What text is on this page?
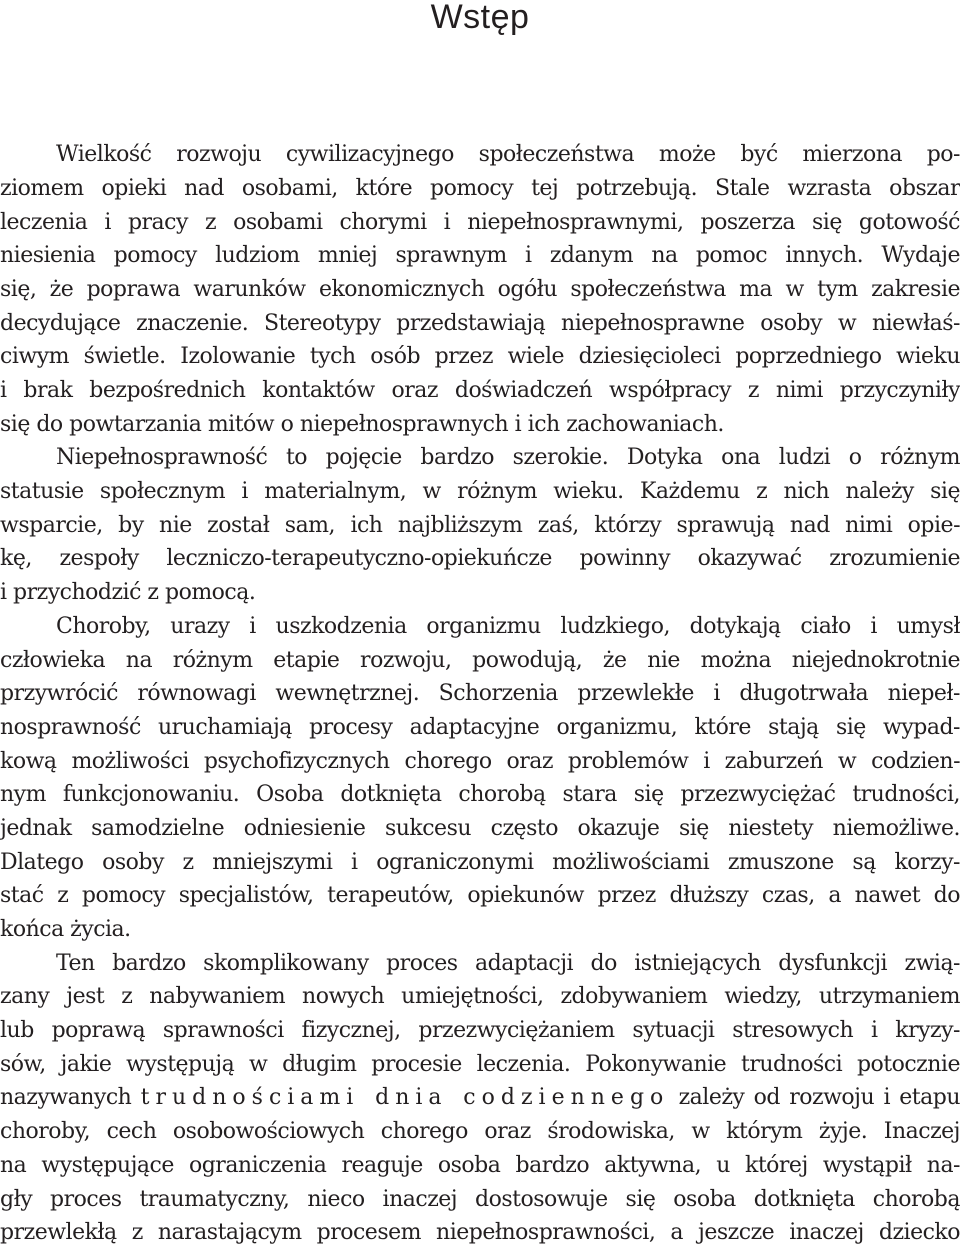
Wstęp

Wielkość rozwoju cywilizacyjnego społeczeństwa może być mierzona po-

ziomem opieki nad osobami, które pomocy tej potrzebują. Stale wzrasta obszar

leczenia i pracy z osobami chorymi i niepełnosprawnymi, poszerza się gotowość

niesienia pomocy ludziom mniej sprawnym i zdanym na pomoc innych. Wydaje

się, że poprawa warunków ekonomicznych ogółu społeczeństwa ma w tym zakresie

decydujące znaczenie. Stereotypy przedstawiają niepełnosprawne osoby w niewłaś-

ciwym świetle. Izolowanie tych osób przez wiele dziesięcioleci poprzedniego wieku

i brak bezpośrednich kontaktów oraz doświadczeń współpracy z nimi przyczyniły

się do powtarzania mitów o niepełnosprawnych i ich zachowaniach.

Niepełnosprawność to pojęcie bardzo szerokie. Dotyka ona ludzi o różnym

statusie społecznym i materialnym, w różnym wieku. Każdemu z nich należy się

wsparcie, by nie został sam, ich najbliższym zaś, którzy sprawują nad nimi opie-

kę, zespoły leczniczo-terapeutyczno-opiekuńcze powinny okazywać zrozumienie

i przychodzić z pomocą.

Choroby, urazy i uszkodzenia organizmu ludzkiego, dotykają ciało i umysł

człowieka na różnym etapie rozwoju, powodują, że nie można niejednokrotnie

przywrócić równowagi wewnętrznej. Schorzenia przewlekłe i długotrwała niepeł-

nosprawność uruchamiają procesy adaptacyjne organizmu, które stają się wypad-

kową możliwości psychofizycznych chorego oraz problemów i zaburzeń w codzien-

nym funkcjonowaniu. Osoba dotknięta chorobą stara się przezwyciężać trudności,

jednak samodzielne odniesienie sukcesu często okazuje się niestety niemożliwe.

Dlatego osoby z mniejszymi i ograniczonymi możliwościami zmuszone są korzy-

stać z pomocy specjalistów, terapeutów, opiekunów przez dłuższy czas, a nawet do

końca życia.

Ten bardzo skomplikowany proces adaptacji do istniejących dysfunkcji zwią-

zany jest z nabywaniem nowych umiejętności, zdobywaniem wiedzy, utrzymaniem

lub poprawą sprawności fizycznej, przezwyciężaniem sytuacji stresowych i kryzy-

sów, jakie występują w długim procesie leczenia. Pokonywanie trudności potocznie

nazywanych trudnościami dnia codziennego zależy od rozwoju i etapu

choroby, cech osobowościowych chorego oraz środowiska, w którym żyje. Inaczej

na występujące ograniczenia reaguje osoba bardzo aktywna, u której wystąpił na-

gły proces traumatyczny, nieco inaczej dostosowuje się osoba dotknięta chorobą

przewlekłą z narastającym procesem niepełnosprawności, a jeszcze inaczej dziecko
